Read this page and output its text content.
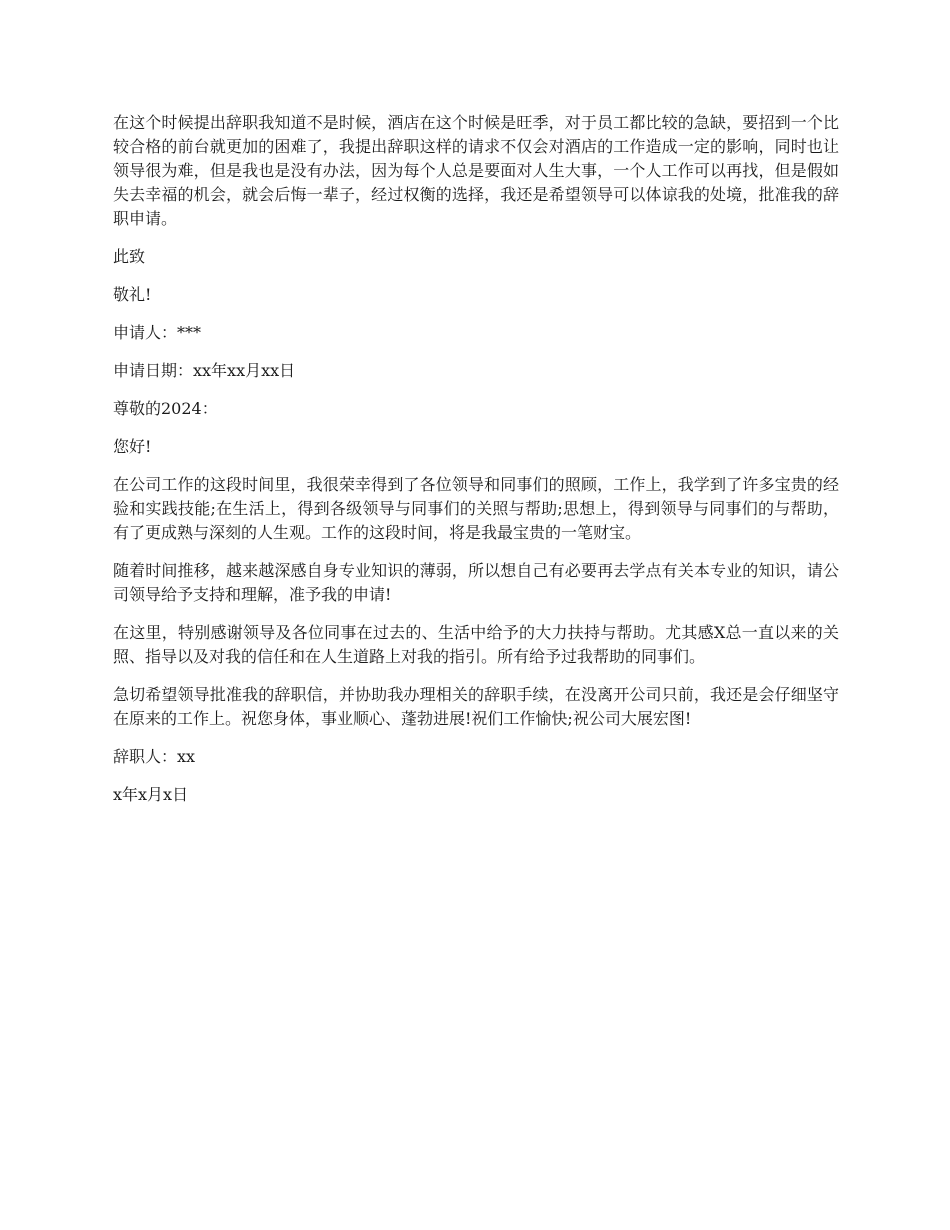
在这个时候提出辞职我知道不是时候，酒店在这个时候是旺季，对于员工都比较的急缺，要招到一个比较合格的前台就更加的困难了，我提出辞职这样的请求不仅会对酒店的工作造成一定的影响，同时也让领导很为难，但是我也是没有办法，因为每个人总是要面对人生大事，一个人工作可以再找，但是假如失去幸福的机会，就会后悔一辈子，经过权衡的选择，我还是希望领导可以体谅我的处境，批准我的辞职申请。

此致

敬礼!

申请人：***

申请日期：xx年xx月xx日

尊敬的2024：

您好!

在公司工作的这段时间里，我很荣幸得到了各位领导和同事们的照顾，工作上，我学到了许多宝贵的经验和实践技能;在生活上，得到各级领导与同事们的关照与帮助;思想上，得到领导与同事们的与帮助，有了更成熟与深刻的人生观。工作的这段时间，将是我最宝贵的一笔财宝。

随着时间推移，越来越深感自身专业知识的薄弱，所以想自己有必要再去学点有关本专业的知识，请公司领导给予支持和理解，准予我的申请!

在这里，特别感谢领导及各位同事在过去的、生活中给予的大力扶持与帮助。尤其感X总一直以来的关照、指导以及对我的信任和在人生道路上对我的指引。所有给予过我帮助的同事们。

急切希望领导批准我的辞职信，并协助我办理相关的辞职手续，在没离开公司只前，我还是会仔细坚守在原来的工作上。祝您身体，事业顺心、蓬勃进展!祝们工作愉快;祝公司大展宏图!

辞职人：xx

x年x月x日
